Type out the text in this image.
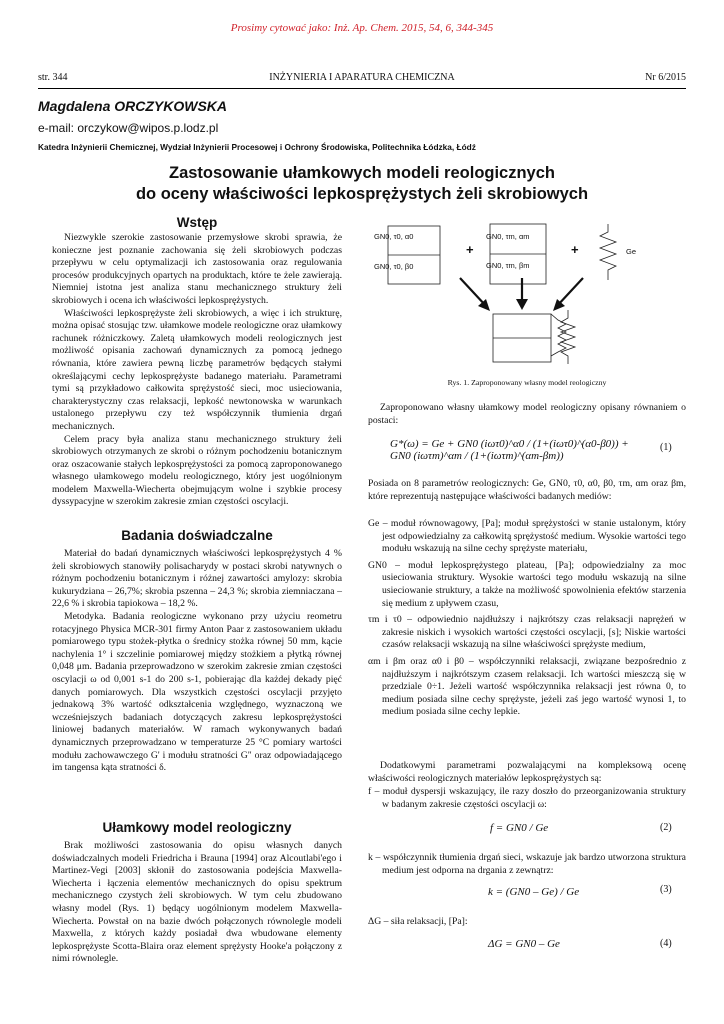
Prosimy cytować jako: Inż. Ap. Chem. 2015, 54, 6, 344-345
str. 344	INŻYNIERIA I APARATURA CHEMICZNA	Nr 6/2015
Magdalena ORCZYKOWSKA
e-mail: orczykow@wipos.p.lodz.pl
Katedra Inżynierii Chemicznej, Wydział Inżynierii Procesowej i Ochrony Środowiska, Politechnika Łódzka, Łódź
Zastosowanie ułamkowych modeli reologicznych
do oceny właściwości lepkosprężystych żeli skrobiowych
Wstęp

Niezwykle szerokie zastosowanie przemysłowe skrobi sprawia, że konieczne jest poznanie zachowania się żeli skrobiowych podczas przepływu w celu optymalizacji ich zastosowania oraz regulowania procesów produkcyjnych opartych na produktach, które te żele zawierają. Niemniej istotna jest analiza stanu mechanicznego struktury żeli skrobiowych i ocena ich właściwości lepkosprężystych.

Właściwości lepkosprężyste żeli skrobiowych, a więc i ich strukturę, można opisać stosując tzw. ułamkowe modele reologiczne oraz ułamkowy rachunek różniczkowy. Zaletą ułamkowych modeli reologicznych jest możliwość opisania zachowań dynamicznych za pomocą jednego równania, które zawiera pewną liczbę parametrów będących stałymi określającymi cechy lepkosprężyste badanego materiału. Parametrami tymi są przykładowo całkowita sprężystość sieci, moc usieciowania, charakterystyczny czas relaksacji, lepkość newtonowska w warunkach ustalonego przepływu czy też współczynnik tłumienia drgań mechanicznych.

Celem pracy była analiza stanu mechanicznego struktury żeli skrobiowych otrzymanych ze skrobi o różnym pochodzeniu botanicznym oraz oszacowanie stałych lepkosprężystości za pomocą zaproponowanego własnego ułamkowego modelu reologicznego, który jest uogólnionym modelem Maxwella-Wiecherta obejmującym wolne i szybkie procesy dyssypacyjne w szerokim zakresie zmian częstości oscylacji.

Badania doświadczalne

Materiał do badań dynamicznych właściwości lepkosprężystych 4 % żeli skrobiowych stanowiły polisacharydy w postaci skrobi natywnych o różnym pochodzeniu botanicznym i różnej zawartości amylozy: skrobia kukurydziana – 26,7%; skrobia pszenna – 24,3 %; skrobia ziemniaczana – 22,6 % i skrobia tapiokowa – 18,2 %.

Metodyka. Badania reologiczne wykonano przy użyciu reometru rotacyjnego Physica MCR-301 firmy Anton Paar z zastosowaniem układu pomiarowego typu stożek-płytka o średnicy stożka równej 50 mm, kącie nachylenia 1° i szczelinie pomiarowej między stożkiem a płytką równej 0,048 μm. Badania przeprowadzono w szerokim zakresie zmian częstości oscylacji ω od 0,001 s-1 do 200 s-1, pobierając dla każdej dekady pięć danych pomiarowych. Dla wszystkich częstości oscylacji przyjęto jednakową 3% wartość odkształcenia względnego, wyznaczoną we wcześniejszych badaniach dotyczących zakresu lepkosprężystości liniowej badanych materiałów. W ramach wykonywanych badań dynamicznych przeprowadzano w temperaturze 25 °C pomiary wartości modułu zachowawczego G' i modułu stratności G" oraz odpowiadającego im tangensa kąta stratności δ.

Ułamkowy model reologiczny

Brak możliwości zastosowania do opisu własnych danych doświadczalnych modeli Friedricha i Brauna [1994] oraz Alcoutlabi'ego i Martinez-Vegi [2003] skłonił do zastosowania podejścia Maxwella-Wiecherta i łączenia elementów mechanicznych do opisu spektrum mechanicznego czystych żeli skrobiowych. W tym celu zbudowano własny model (Rys. 1) będący uogólnionym modelem Maxwella-Wiecherta. Powstał on na bazie dwóch połączonych równolegle modeli Maxwella, z których każdy posiadał dwa wbudowane elementy lepkosprężyste Scotta-Blaira oraz element sprężysty Hooke'a połączony z nimi równolegle.

GN0, τ0, α0
GN0, τ0, β0
GN0, τm, αm
GN0, τm, βm
+	+	Ge
Rys. 1. Zaproponowany własny model reologiczny

Zaproponowano własny ułamkowy model reologiczny opisany równaniem o postaci:

G*(ω) = Ge + GN0 (iωτ0)^α0 / (1+(iωτ0)^(α0-β0)) + GN0 (iωτm)^αm / (1+(iωτm)^(αm-βm))
(1)

Posiada on 8 parametrów reologicznych: Ge, GN0, τ0, α0, β0, τm, αm oraz βm, które reprezentują następujące właściwości badanych mediów:

Ge – moduł równowagowy, [Pa]; moduł sprężystości w stanie ustalonym, który jest odpowiedzialny za całkowitą sprężystość medium. Wysokie wartości tego modułu wskazują na silne cechy sprężyste materiału,

GN0 – moduł lepkosprężystego plateau, [Pa]; odpowiedzialny za moc usieciowania struktury. Wysokie wartości tego modułu wskazują na silne usieciowanie struktury, a także na możliwość spowolnienia efektów starzenia się medium z upływem czasu,

τm i τ0 – odpowiednio najdłuższy i najkrótszy czas relaksacji naprężeń w zakresie niskich i wysokich wartości częstości oscylacji, [s]; Niskie wartości czasów relaksacji wskazują na silne właściwości sprężyste medium,

αm i βm oraz α0 i β0 – współczynniki relaksacji, związane bezpośrednio z najdłuższym i najkrótszym czasem relaksacji. Ich wartości mieszczą się w przedziale 0÷1. Jeżeli wartość współczynnika relaksacji jest równa 0, to medium posiada silne cechy sprężyste, jeżeli zaś jego wartość wynosi 1, to medium posiada silne cechy lepkie.

Dodatkowymi parametrami pozwalającymi na kompleksową ocenę właściwości reologicznych materiałów lepkosprężystych są:

f – moduł dyspersji wskazujący, ile razy doszło do przeorganizowania struktury w badanym zakresie częstości oscylacji ω:

f = GN0 / Ge	(2)

k – współczynnik tłumienia drgań sieci, wskazuje jak bardzo utworzona struktura medium jest odporna na drgania z zewnątrz:

k = (GN0 – Ge) / Ge	(3)

ΔG – siła relaksacji, [Pa]:

ΔG = GN0 – Ge	(4)
